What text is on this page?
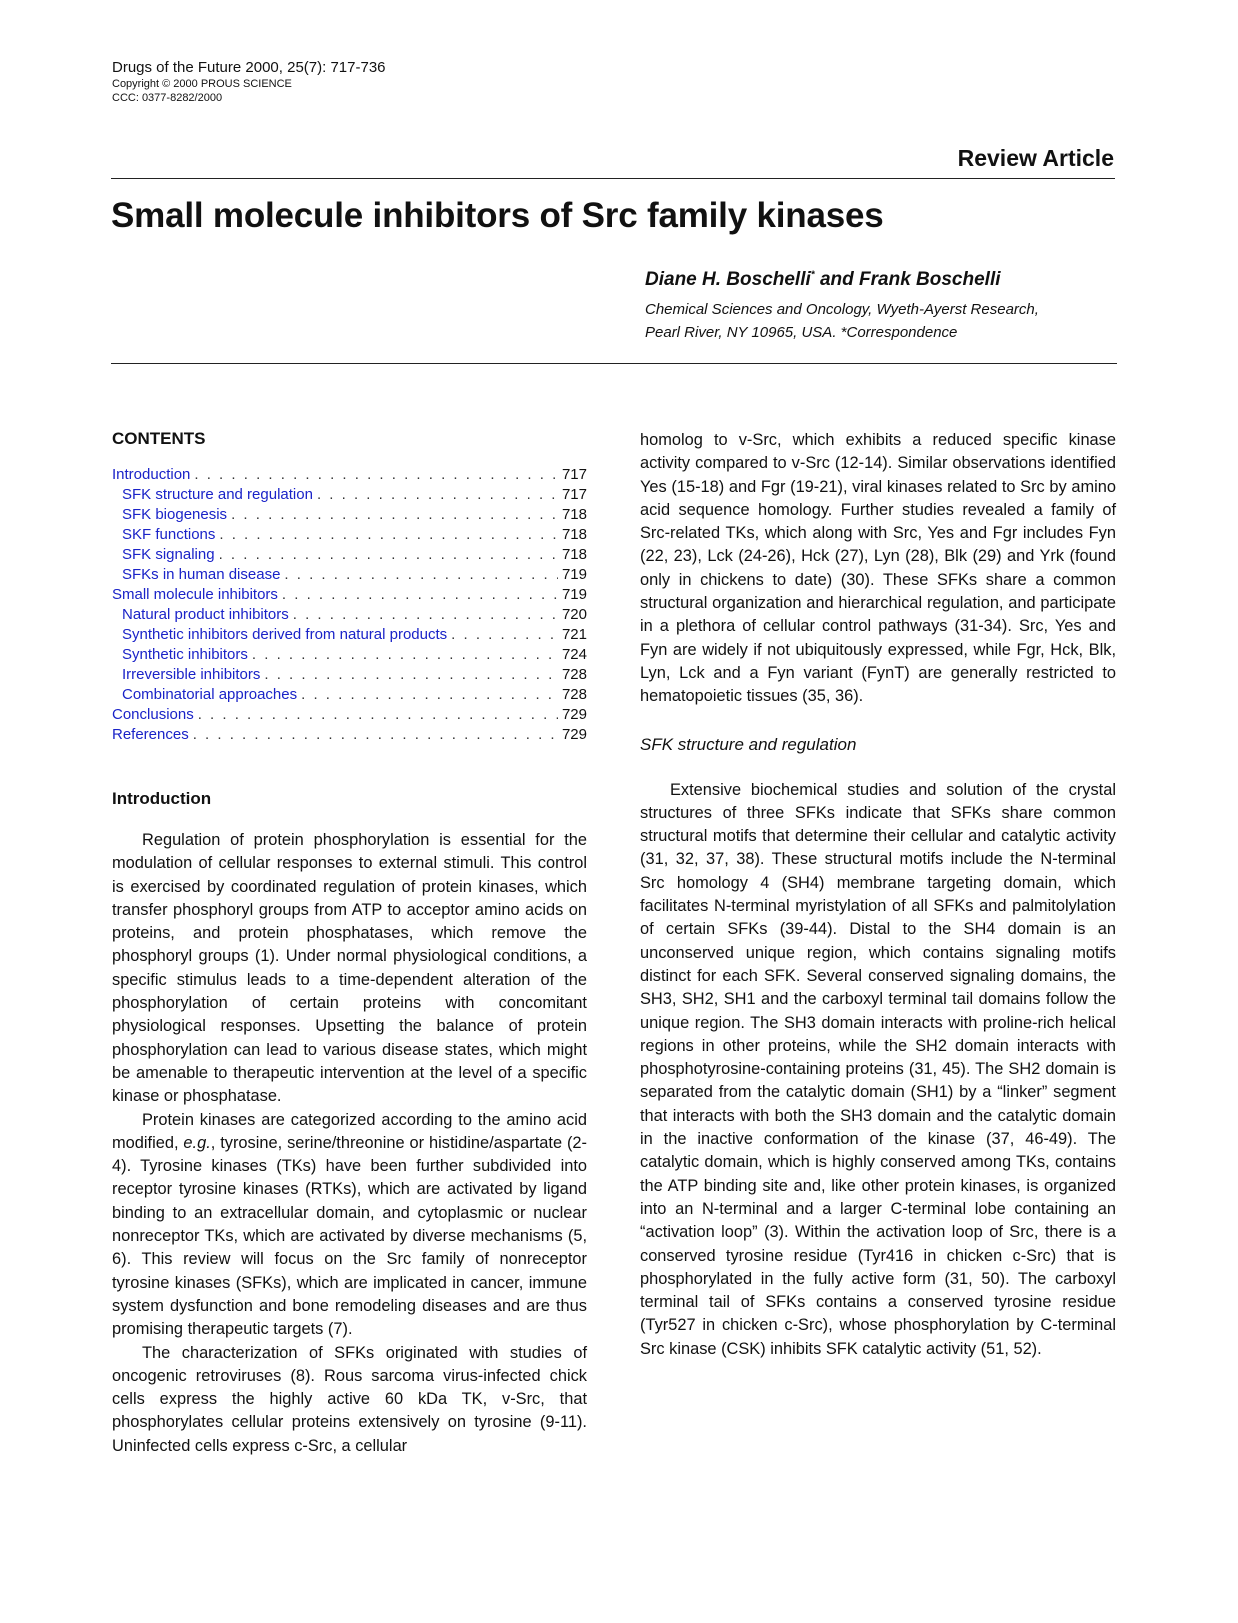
Drugs of the Future 2000, 25(7): 717-736
Copyright © 2000 PROUS SCIENCE
CCC: 0377-8282/2000
Review Article
Small molecule inhibitors of Src family kinases
Diane H. Boschelli* and Frank Boschelli
Chemical Sciences and Oncology, Wyeth-Ayerst Research,
Pearl River, NY 10965, USA. *Correspondence
CONTENTS
Introduction . . .	717
SFK structure and regulation . . .	717
SFK biogenesis . . .	718
SKF functions . . .	718
SFK signaling . . .	718
SFKs in human disease . . .	719
Small molecule inhibitors . . .	719
Natural product inhibitors . . .	720
Synthetic inhibitors derived from natural products . . .	721
Synthetic inhibitors . . .	724
Irreversible inhibitors . . .	728
Combinatorial approaches . . .	728
Conclusions . . .	729
References . . .	729
Introduction

Regulation of protein phosphorylation is essential for the modulation of cellular responses to external stimuli. This control is exercised by coordinated regulation of protein kinases, which transfer phosphoryl groups from ATP to acceptor amino acids on proteins, and protein phosphatases, which remove the phosphoryl groups (1). Under normal physiological conditions, a specific stimulus leads to a time-dependent alteration of the phosphorylation of certain proteins with concomitant physiological responses. Upsetting the balance of protein phosphorylation can lead to various disease states, which might be amenable to therapeutic intervention at the level of a specific kinase or phosphatase.

Protein kinases are categorized according to the amino acid modified, e.g., tyrosine, serine/threonine or histidine/aspartate (2-4). Tyrosine kinases (TKs) have been further subdivided into receptor tyrosine kinases (RTKs), which are activated by ligand binding to an extracellular domain, and cytoplasmic or nuclear nonreceptor TKs, which are activated by diverse mechanisms (5, 6). This review will focus on the Src family of nonreceptor tyrosine kinases (SFKs), which are implicated in cancer, immune system dysfunction and bone remodeling diseases and are thus promising therapeutic targets (7).

The characterization of SFKs originated with studies of oncogenic retroviruses (8). Rous sarcoma virus-infected chick cells express the highly active 60 kDa TK, v-Src, that phosphorylates cellular proteins extensively on tyrosine (9-11). Uninfected cells express c-Src, a cellular

homolog to v-Src, which exhibits a reduced specific kinase activity compared to v-Src (12-14). Similar observations identified Yes (15-18) and Fgr (19-21), viral kinases related to Src by amino acid sequence homology. Further studies revealed a family of Src-related TKs, which along with Src, Yes and Fgr includes Fyn (22, 23), Lck (24-26), Hck (27), Lyn (28), Blk (29) and Yrk (found only in chickens to date) (30). These SFKs share a common structural organization and hierarchical regulation, and participate in a plethora of cellular control pathways (31-34). Src, Yes and Fyn are widely if not ubiquitously expressed, while Fgr, Hck, Blk, Lyn, Lck and a Fyn variant (FynT) are generally restricted to hematopoietic tissues (35, 36).

SFK structure and regulation

Extensive biochemical studies and solution of the crystal structures of three SFKs indicate that SFKs share common structural motifs that determine their cellular and catalytic activity (31, 32, 37, 38). These structural motifs include the N-terminal Src homology 4 (SH4) membrane targeting domain, which facilitates N-terminal myristylation of all SFKs and palmitolylation of certain SFKs (39-44). Distal to the SH4 domain is an unconserved unique region, which contains signaling motifs distinct for each SFK. Several conserved signaling domains, the SH3, SH2, SH1 and the carboxyl terminal tail domains follow the unique region. The SH3 domain interacts with proline-rich helical regions in other proteins, while the SH2 domain interacts with phosphotyrosine-containing proteins (31, 45). The SH2 domain is separated from the catalytic domain (SH1) by a “linker” segment that interacts with both the SH3 domain and the catalytic domain in the inactive conformation of the kinase (37, 46-49). The catalytic domain, which is highly conserved among TKs, contains the ATP binding site and, like other protein kinases, is organized into an N-terminal and a larger C-terminal lobe containing an “activation loop” (3). Within the activation loop of Src, there is a conserved tyrosine residue (Tyr416 in chicken c-Src) that is phosphorylated in the fully active form (31, 50). The carboxyl terminal tail of SFKs contains a conserved tyrosine residue (Tyr527 in chicken c-Src), whose phosphorylation by C-terminal Src kinase (CSK) inhibits SFK catalytic activity (51, 52).
